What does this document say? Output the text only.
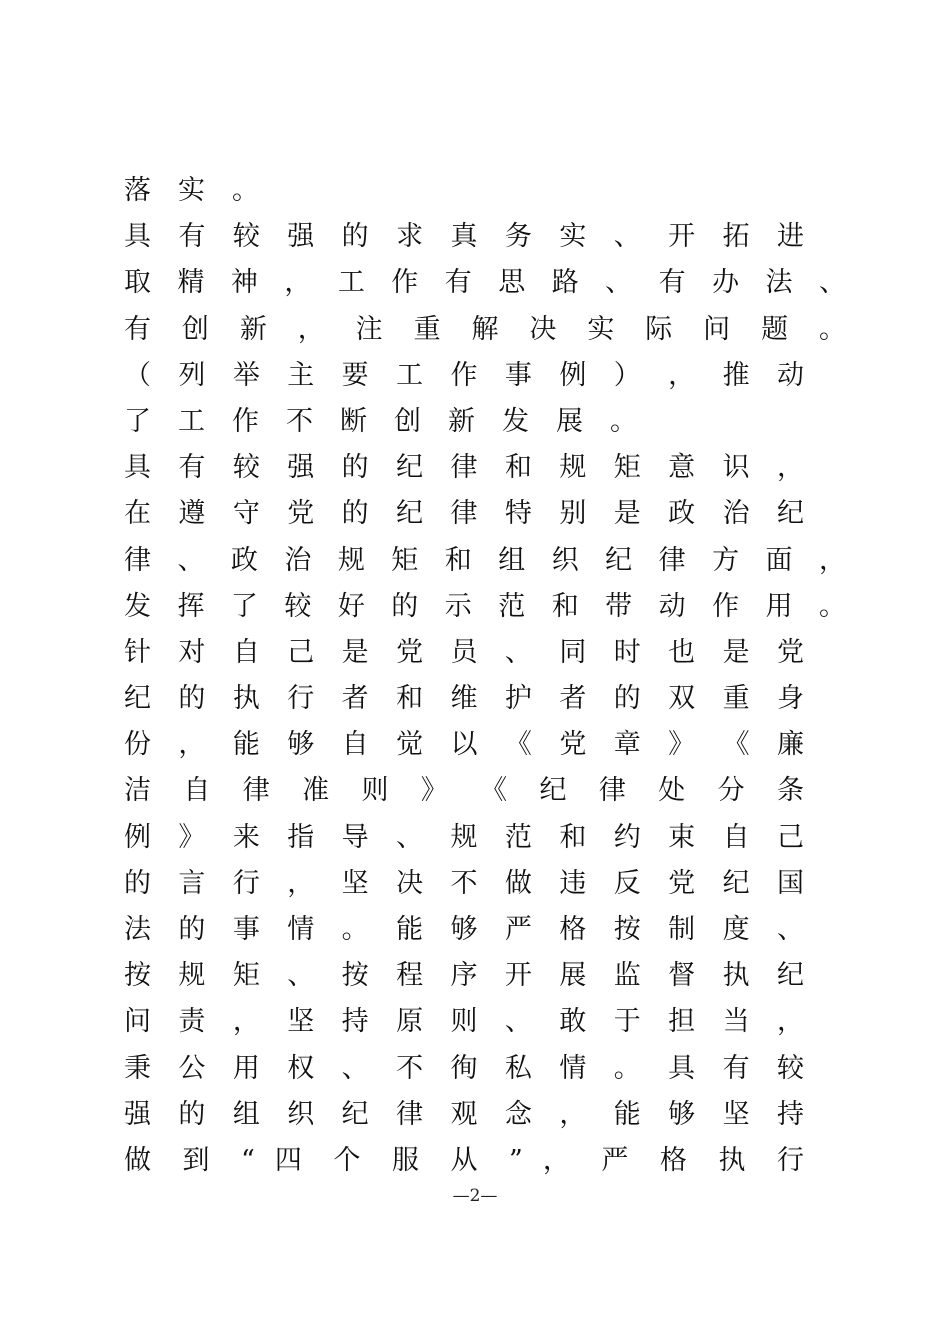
落实。
具 有 较 强 的 求 真 务 实 、 开 拓 进
取 精 神 ， 工 作 有 思 路 、 有 办 法 、
有 创 新 ， 注 重 解 决 实 际 问 题 。
（ 列 举 主 要 工 作 事 例 ） ， 推 动
了工作不断创新发展。
具 有 较 强 的 纪 律 和 规 矩 意 识 ，
在 遵 守 党 的 纪 律 特 别 是 政 治 纪
律 、 政 治 规 矩 和 组 织 纪 律 方 面 ，
发 挥 了 较 好 的 示 范 和 带 动 作 用 。
针 对 自 己 是 党 员 、 同 时 也 是 党
纪 的 执 行 者 和 维 护 者 的 双 重 身
份 ， 能 够 自 觉 以 《 党 章 》 《 廉
洁 自 律 准 则 》 《 纪 律 处 分 条
例 》 来 指 导 、 规 范 和 约 束 自 己
的 言 行 ， 坚 决 不 做 违 反 党 纪 国
法 的 事 情 。 能 够 严 格 按 制 度 、
按 规 矩 、 按 程 序 开 展 监 督 执 纪
问 责 ， 坚 持 原 则 、 敢 于 担 当 ，
秉 公 用 权 、 不 徇 私 情 。 具 有 较
强 的 组 织 纪 律 观 念 ， 能 够 坚 持
做 到 “ 四 个 服 从 ” ， 严 格 执 行
—2—
